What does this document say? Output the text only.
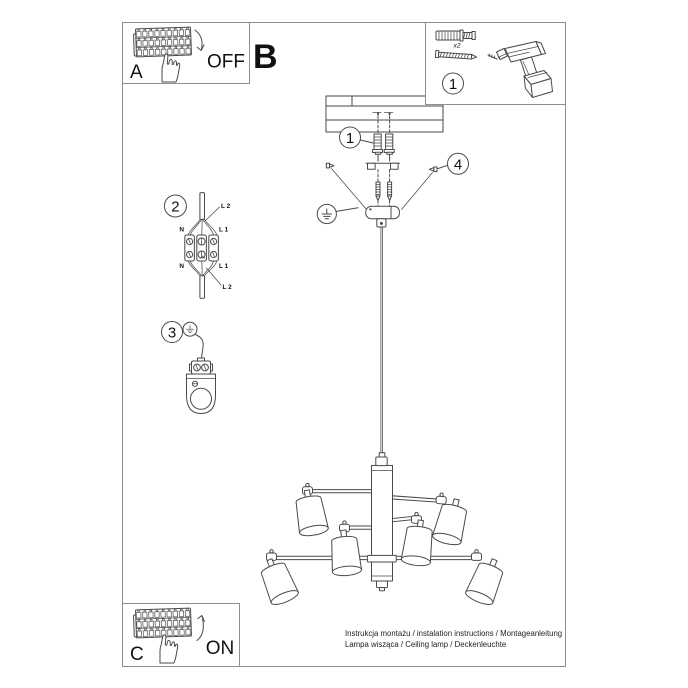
1
4
2
N	L 1
L 2
N	L 1
L 2
3
A	OFF B	x2
1
C	ON
Instrukcja montażu / instalation instructions / Montageanleitung
Lampa wisząca / Ceiling lamp / Deckenleuchte
